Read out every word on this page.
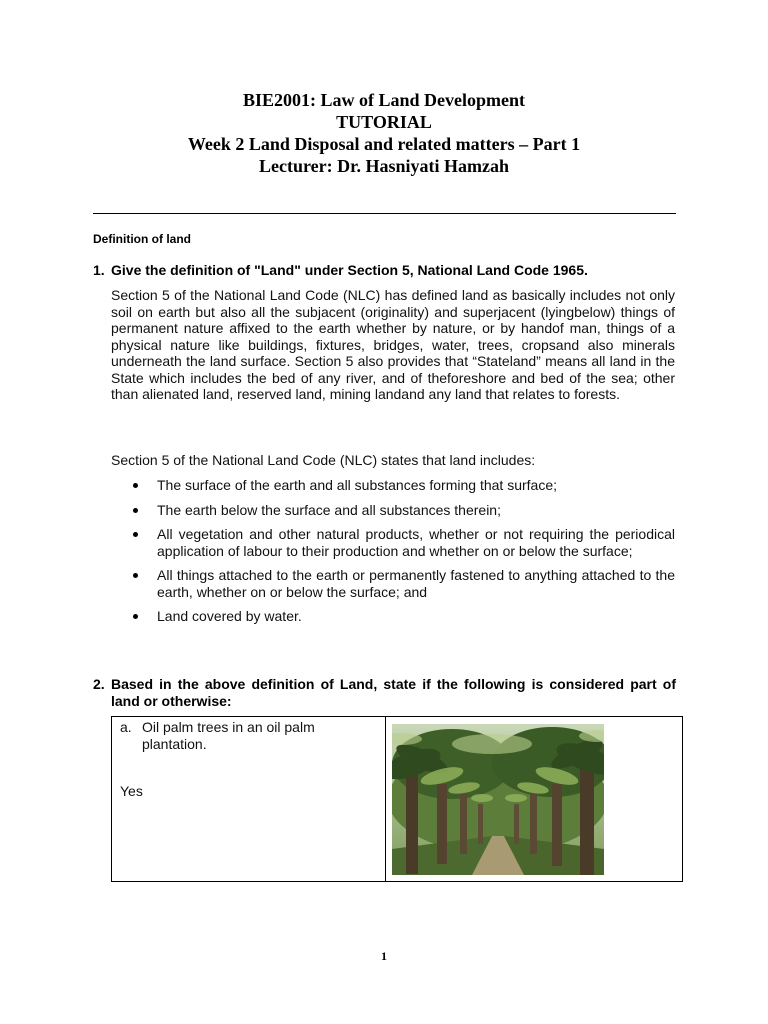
BIE2001: Law of Land Development
TUTORIAL
Week 2 Land Disposal and related matters – Part 1
Lecturer: Dr. Hasniyati Hamzah
Definition of land
1. Give the definition of "Land" under Section 5, National Land Code 1965.
Section 5 of the National Land Code (NLC) has defined land as basically includes not only soil on earth but also all the subjacent (originality) and superjacent (lyingbelow) things of permanent nature affixed to the earth whether by nature, or by handof man, things of a physical nature like buildings, fixtures, bridges, water, trees, cropsand also minerals underneath the land surface. Section 5 also provides that “Stateland” means all land in the State which includes the bed of any river, and of theforeshore and bed of the sea; other than alienated land, reserved land, mining landand any land that relates to forests.
Section 5 of the National Land Code (NLC) states that land includes:
The surface of the earth and all substances forming that surface;
The earth below the surface and all substances therein;
All vegetation and other natural products, whether or not requiring the periodical application of labour to their production and whether on or below the surface;
All things attached to the earth or permanently fastened to anything attached to the earth, whether on or below the surface; and
Land covered by water.
2. Based in the above definition of Land, state if the following is considered part of land or otherwise:
a. Oil palm trees in an oil palm plantation.
Yes
1
